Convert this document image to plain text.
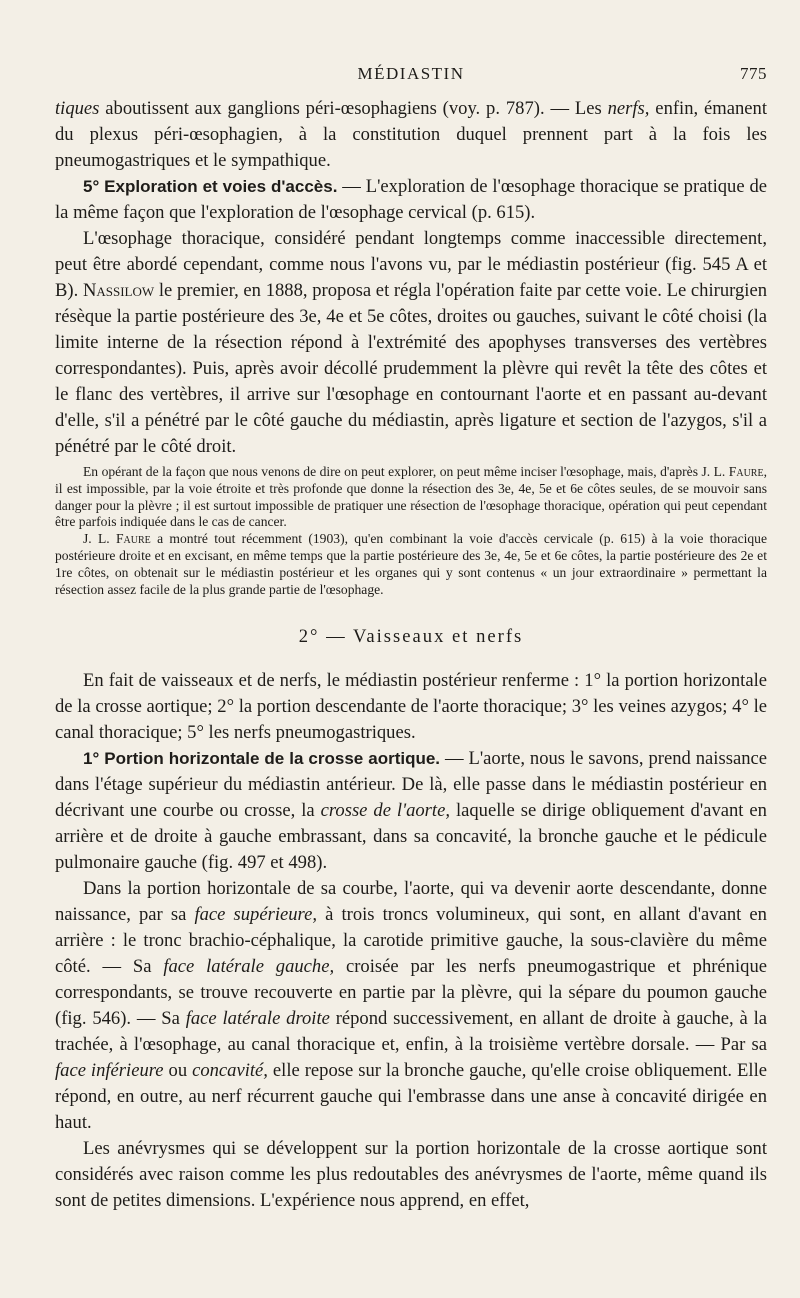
MÉDIASTIN	775

tiques aboutissent aux ganglions péri-œsophagiens (voy. p. 787). — Les nerfs, enfin, émanent du plexus péri-œsophagien, à la constitution duquel prennent part à la fois les pneumogastriques et le sympathique.

5° Exploration et voies d'accès. — L'exploration de l'œsophage thoracique se pratique de la même façon que l'exploration de l'œsophage cervical (p. 615).

L'œsophage thoracique, considéré pendant longtemps comme inaccessible directement, peut être abordé cependant, comme nous l'avons vu, par le médiastin postérieur (fig. 545 A et B). Nassilow le premier, en 1888, proposa et régla l'opération faite par cette voie. Le chirurgien résèque la partie postérieure des 3e, 4e et 5e côtes, droites ou gauches, suivant le côté choisi (la limite interne de la résection répond à l'extrémité des apophyses transverses des vertèbres correspondantes). Puis, après avoir décollé prudemment la plèvre qui revêt la tête des côtes et le flanc des vertèbres, il arrive sur l'œsophage en contournant l'aorte et en passant au-devant d'elle, s'il a pénétré par le côté gauche du médiastin, après ligature et section de l'azygos, s'il a pénétré par le côté droit.

En opérant de la façon que nous venons de dire on peut explorer, on peut même inciser l'œsophage, mais, d'après J. L. Faure, il est impossible, par la voie étroite et très profonde que donne la résection des 3e, 4e, 5e et 6e côtes seules, de se mouvoir sans danger pour la plèvre ; il est surtout impossible de pratiquer une résection de l'œsophage thoracique, opération qui peut cependant être parfois indiquée dans le cas de cancer.

J. L. Faure a montré tout récemment (1903), qu'en combinant la voie d'accès cervicale (p. 615) à la voie thoracique postérieure droite et en excisant, en même temps que la partie postérieure des 3e, 4e, 5e et 6e côtes, la partie postérieure des 2e et 1re côtes, on obtenait sur le médiastin postérieur et les organes qui y sont contenus « un jour extraordinaire » permettant la résection assez facile de la plus grande partie de l'œsophage.

2° — Vaisseaux et nerfs

En fait de vaisseaux et de nerfs, le médiastin postérieur renferme : 1° la portion horizontale de la crosse aortique; 2° la portion descendante de l'aorte thoracique; 3° les veines azygos; 4° le canal thoracique; 5° les nerfs pneumogastriques.

1° Portion horizontale de la crosse aortique. — L'aorte, nous le savons, prend naissance dans l'étage supérieur du médiastin antérieur. De là, elle passe dans le médiastin postérieur en décrivant une courbe ou crosse, la crosse de l'aorte, laquelle se dirige obliquement d'avant en arrière et de droite à gauche embrassant, dans sa concavité, la bronche gauche et le pédicule pulmonaire gauche (fig. 497 et 498).

Dans la portion horizontale de sa courbe, l'aorte, qui va devenir aorte descendante, donne naissance, par sa face supérieure, à trois troncs volumineux, qui sont, en allant d'avant en arrière : le tronc brachio-céphalique, la carotide primitive gauche, la sous-clavière du même côté. — Sa face latérale gauche, croisée par les nerfs pneumogastrique et phrénique correspondants, se trouve recouverte en partie par la plèvre, qui la sépare du poumon gauche (fig. 546). — Sa face latérale droite répond successivement, en allant de droite à gauche, à la trachée, à l'œsophage, au canal thoracique et, enfin, à la troisième vertèbre dorsale. — Par sa face inférieure ou concavité, elle repose sur la bronche gauche, qu'elle croise obliquement. Elle répond, en outre, au nerf récurrent gauche qui l'embrasse dans une anse à concavité dirigée en haut.

Les anévrysmes qui se développent sur la portion horizontale de la crosse aortique sont considérés avec raison comme les plus redoutables des anévrysmes de l'aorte, même quand ils sont de petites dimensions. L'expérience nous apprend, en effet,
